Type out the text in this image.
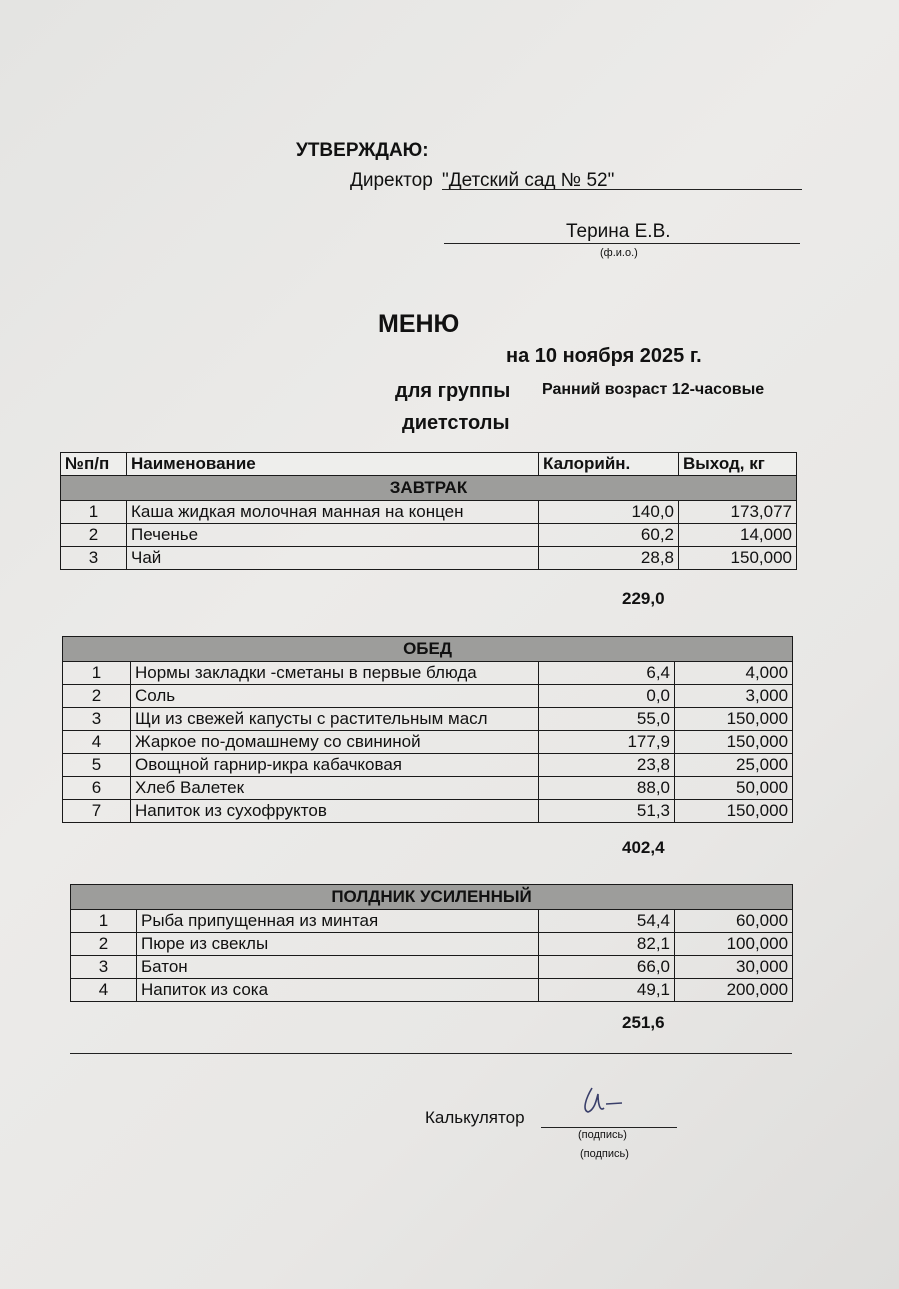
УТВЕРЖДАЮ:
Директор "Детский сад № 52"
Терина Е.В.
(ф.и.о.)
МЕНЮ
на 10 ноября 2025 г.
для группы Ранний возраст 12-часовые
диетстолы
№п/п	Наименование	Калорийн.	Выход, кг
ЗАВТРАК			
1	Каша жидкая молочная манная на концен	140,0	173,077
2	Печенье	60,2	14,000
3	Чай	28,8	150,000
229,0
ОБЕД			
1	Нормы закладки -сметаны в первые блюда	6,4	4,000
2	Соль	0,0	3,000
3	Щи из свежей капусты с растительным масл	55,0	150,000
4	Жаркое по-домашнему со свининой	177,9	150,000
5	Овощной гарнир-икра кабачковая	23,8	25,000
6	Хлеб Валетек	88,0	50,000
7	Напиток из сухофруктов	51,3	150,000
402,4
ПОЛДНИК УСИЛЕННЫЙ			
1	Рыба припущенная из минтая	54,4	60,000
2	Пюре из свеклы	82,1	100,000
3	Батон	66,0	30,000
4	Напиток из сока	49,1	200,000
251,6
Калькулятор
(подпись)
(подпись)
